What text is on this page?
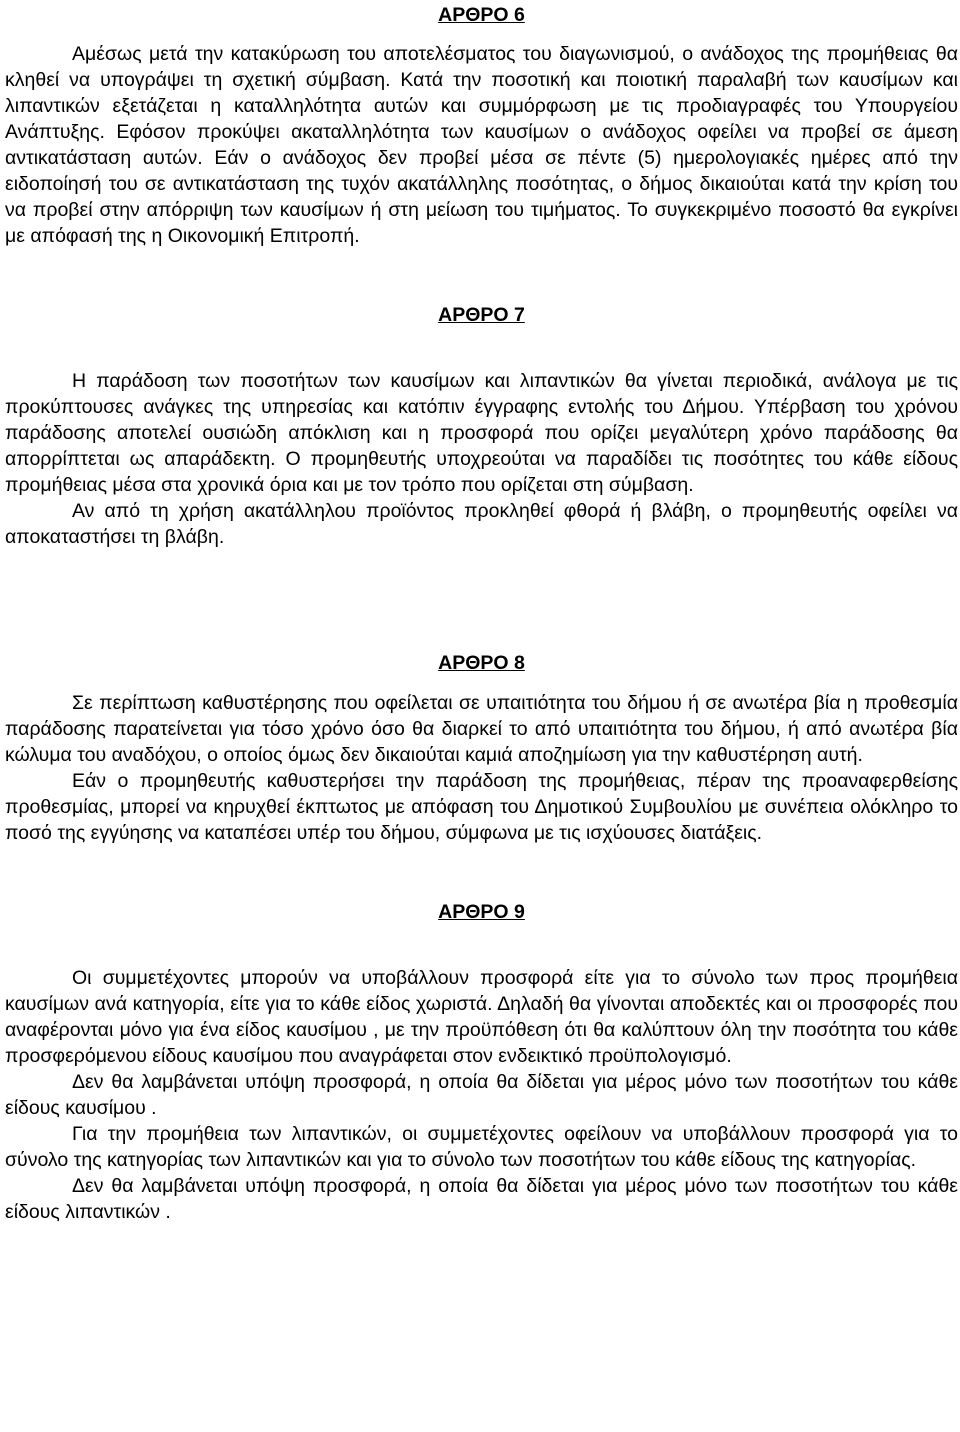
ΑΡΘΡΟ 6

Αμέσως μετά την κατακύρωση του αποτελέσματος του διαγωνισμού, ο ανάδοχος της προμήθειας θα κληθεί να υπογράψει τη σχετική σύμβαση. Κατά την ποσοτική και ποιοτική παραλαβή των καυσίμων και λιπαντικών εξετάζεται η καταλληλότητα αυτών και συμμόρφωση με τις προδιαγραφές του Υπουργείου Ανάπτυξης. Εφόσον προκύψει ακαταλληλότητα των καυσίμων ο ανάδοχος οφείλει να προβεί σε άμεση αντικατάσταση αυτών. Εάν ο ανάδοχος δεν προβεί μέσα σε πέντε (5) ημερολογιακές ημέρες από την ειδοποίησή του σε αντικατάσταση της τυχόν ακατάλληλης ποσότητας, ο δήμος δικαιούται κατά την κρίση του να προβεί στην απόρριψη των καυσίμων ή στη μείωση του τιμήματος. Το συγκεκριμένο ποσοστό θα εγκρίνει με απόφασή της η Οικονομική Επιτροπή.

ΑΡΘΡΟ 7

Η παράδοση των ποσοτήτων των καυσίμων και λιπαντικών θα γίνεται περιοδικά, ανάλογα με τις προκύπτουσες ανάγκες της υπηρεσίας και κατόπιν έγγραφης εντολής του Δήμου. Υπέρβαση του χρόνου παράδοσης αποτελεί ουσιώδη απόκλιση και η προσφορά που ορίζει μεγαλύτερη χρόνο παράδοσης θα απορρίπτεται ως απαράδεκτη. Ο προμηθευτής υποχρεούται να παραδίδει τις ποσότητες του κάθε είδους προμήθειας μέσα στα χρονικά όρια και με τον τρόπο που ορίζεται στη σύμβαση.

Αν από τη χρήση ακατάλληλου προϊόντος προκληθεί φθορά ή βλάβη, ο προμηθευτής οφείλει να αποκαταστήσει τη βλάβη.

ΑΡΘΡΟ 8

Σε περίπτωση καθυστέρησης που οφείλεται σε υπαιτιότητα του δήμου ή σε ανωτέρα βία η προθεσμία παράδοσης παρατείνεται για τόσο χρόνο όσο θα διαρκεί το από υπαιτιότητα του δήμου, ή από ανωτέρα βία κώλυμα του αναδόχου, ο οποίος όμως δεν δικαιούται καμιά αποζημίωση για την καθυστέρηση αυτή.

Εάν ο προμηθευτής καθυστερήσει την παράδοση της προμήθειας, πέραν της προαναφερθείσης προθεσμίας, μπορεί να κηρυχθεί έκπτωτος με απόφαση του Δημοτικού Συμβουλίου με συνέπεια ολόκληρο το ποσό της εγγύησης να καταπέσει υπέρ του δήμου, σύμφωνα με τις ισχύουσες διατάξεις.

ΑΡΘΡΟ 9

Οι συμμετέχοντες μπορούν να υποβάλλουν προσφορά είτε για το σύνολο των προς προμήθεια καυσίμων ανά κατηγορία, είτε για το κάθε είδος χωριστά. Δηλαδή θα γίνονται αποδεκτές και οι προσφορές που αναφέρονται μόνο για ένα είδος καυσίμου , με την προϋπόθεση ότι θα καλύπτουν όλη την ποσότητα του κάθε προσφερόμενου είδους καυσίμου που αναγράφεται στον ενδεικτικό προϋπολογισμό.

Δεν θα λαμβάνεται υπόψη προσφορά, η οποία θα δίδεται για μέρος μόνο των ποσοτήτων του κάθε είδους καυσίμου .

Για την προμήθεια των λιπαντικών, οι συμμετέχοντες οφείλουν να υποβάλλουν προσφορά για το σύνολο της κατηγορίας των λιπαντικών και για το σύνολο των ποσοτήτων του κάθε είδους της κατηγορίας.

Δεν θα λαμβάνεται υπόψη προσφορά, η οποία θα δίδεται για μέρος μόνο των ποσοτήτων του κάθε είδους λιπαντικών .
